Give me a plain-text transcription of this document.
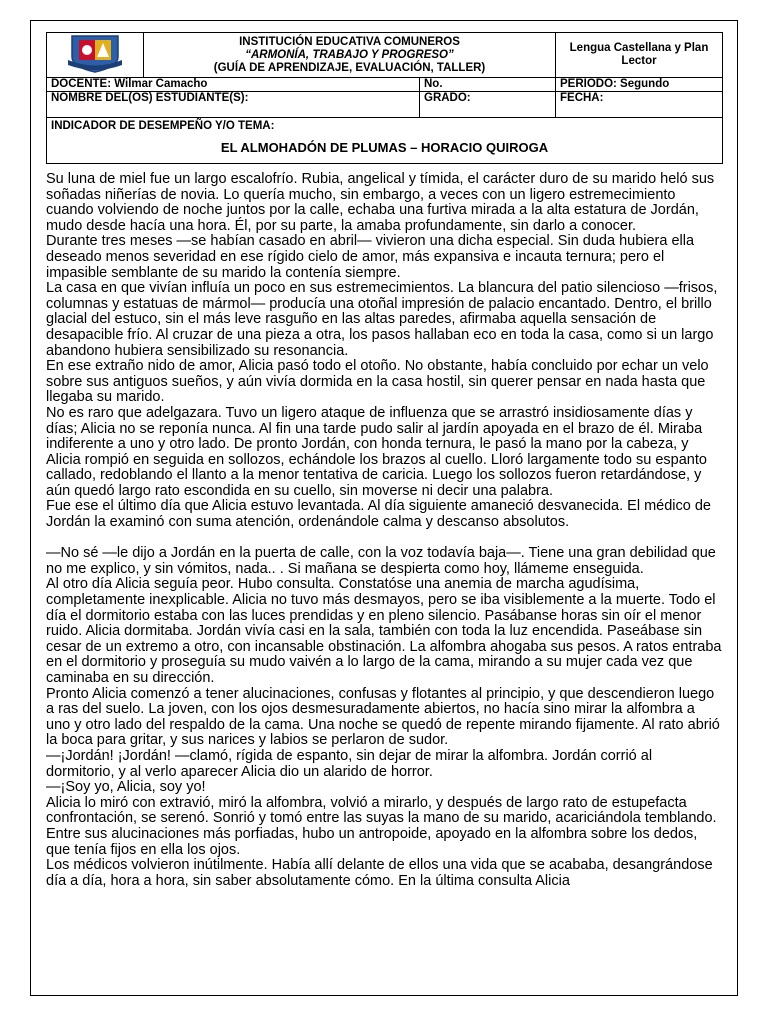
INSTITUCIÓN EDUCATIVA COMUNEROS
“ARMONÍA, TRABAJO Y PROGRESO”
(GUÍA DE APRENDIZAJE, EVALUACIÓN, TALLER)		Lengua Castellana y Plan Lector
DOCENTE: Wilmar Camacho		No.	PERIODO: Segundo
NOMBRE DEL(OS) ESTUDIANTE(S):		GRADO:	FECHA:

INDICADOR DE DESEMPEÑO Y/O TEMA:
EL ALMOHADÓN DE PLUMAS – HORACIO QUIROGA			

Su luna de miel fue un largo escalofrío. Rubia, angelical y tímida, el carácter duro de su marido heló sus soñadas niñerías de novia. Lo quería mucho, sin embargo, a veces con un ligero estremecimiento cuando volviendo de noche juntos por la calle, echaba una furtiva mirada a la alta estatura de Jordán, mudo desde hacía una hora. Él, por su parte, la amaba profundamente, sin darlo a conocer.

Durante tres meses —se habían casado en abril— vivieron una dicha especial. Sin duda hubiera ella deseado menos severidad en ese rígido cielo de amor, más expansiva e incauta ternura; pero el impasible semblante de su marido la contenía siempre.

La casa en que vivían influía un poco en sus estremecimientos. La blancura del patio silencioso —frisos, columnas y estatuas de mármol— producía una otoñal impresión de palacio encantado. Dentro, el brillo glacial del estuco, sin el más leve rasguño en las altas paredes, afirmaba aquella sensación de desapacible frío. Al cruzar de una pieza a otra, los pasos hallaban eco en toda la casa, como si un largo abandono hubiera sensibilizado su resonancia.

En ese extraño nido de amor, Alicia pasó todo el otoño. No obstante, había concluido por echar un velo sobre sus antiguos sueños, y aún vivía dormida en la casa hostil, sin querer pensar en nada hasta que llegaba su marido.

No es raro que adelgazara. Tuvo un ligero ataque de influenza que se arrastró insidiosamente días y días; Alicia no se reponía nunca. Al fin una tarde pudo salir al jardín apoyada en el brazo de él. Miraba indiferente a uno y otro lado. De pronto Jordán, con honda ternura, le pasó la mano por la cabeza, y Alicia rompió en seguida en sollozos, echándole los brazos al cuello. Lloró largamente todo su espanto callado, redoblando el llanto a la menor tentativa de caricia. Luego los sollozos fueron retardándose, y aún quedó largo rato escondida en su cuello, sin moverse ni decir una palabra.

Fue ese el último día que Alicia estuvo levantada. Al día siguiente amaneció desvanecida. El médico de Jordán la examinó con suma atención, ordenándole calma y descanso absolutos.

—No sé —le dijo a Jordán en la puerta de calle, con la voz todavía baja—. Tiene una gran debilidad que no me explico, y sin vómitos, nada.. . Si mañana se despierta como hoy, llámeme enseguida.

Al otro día Alicia seguía peor. Hubo consulta. Constatóse una anemia de marcha agudísima, completamente inexplicable. Alicia no tuvo más desmayos, pero se iba visiblemente a la muerte. Todo el día el dormitorio estaba con las luces prendidas y en pleno silencio. Pasábanse horas sin oír el menor ruido. Alicia dormitaba. Jordán vivía casi en la sala, también con toda la luz encendida. Paseábase sin cesar de un extremo a otro, con incansable obstinación. La alfombra ahogaba sus pesos. A ratos entraba en el dormitorio y proseguía su mudo vaivén a lo largo de la cama, mirando a su mujer cada vez que caminaba en su dirección.

Pronto Alicia comenzó a tener alucinaciones, confusas y flotantes al principio, y que descendieron luego a ras del suelo. La joven, con los ojos desmesuradamente abiertos, no hacía sino mirar la alfombra a uno y otro lado del respaldo de la cama. Una noche se quedó de repente mirando fijamente. Al rato abrió la boca para gritar, y sus narices y labios se perlaron de sudor.

—¡Jordán! ¡Jordán! —clamó, rígida de espanto, sin dejar de mirar la alfombra. Jordán corrió al dormitorio, y al verlo aparecer Alicia dio un alarido de horror.

—¡Soy yo, Alicia, soy yo!

Alicia lo miró con extravió, miró la alfombra, volvió a mirarlo, y después de largo rato de estupefacta confrontación, se serenó. Sonrió y tomó entre las suyas la mano de su marido, acariciándola temblando.

Entre sus alucinaciones más porfiadas, hubo un antropoide, apoyado en la alfombra sobre los dedos, que tenía fijos en ella los ojos.

Los médicos volvieron inútilmente. Había allí delante de ellos una vida que se acababa, desangrándose día a día, hora a hora, sin saber absolutamente cómo. En la última consulta Alicia
